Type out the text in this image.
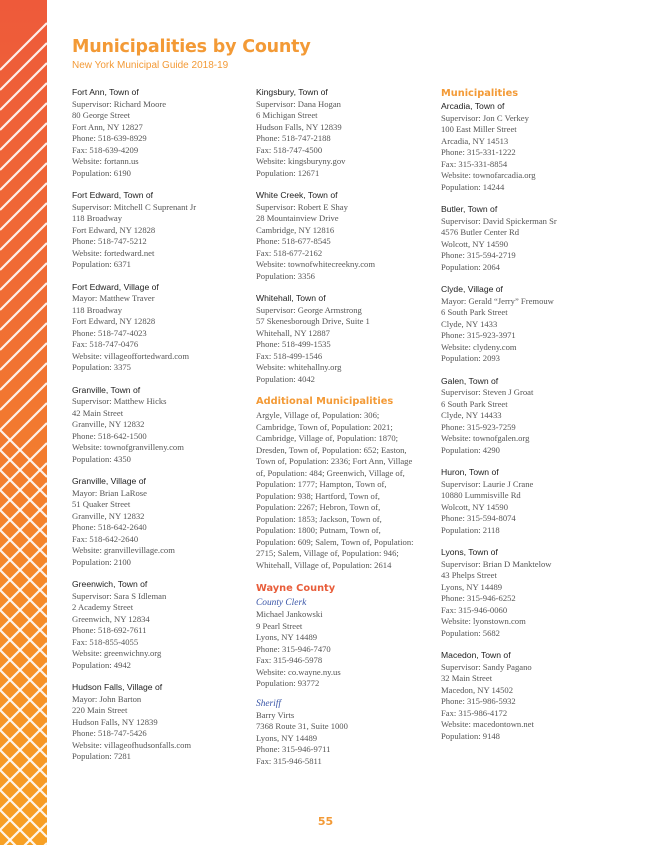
Municipalities by County
New York Municipal Guide 2018-19
Fort Ann, Town of
Supervisor: Richard Moore
80 George Street
Fort Ann, NY 12827
Phone: 518-639-8929
Fax: 518-639-4209
Website: fortann.us
Population: 6190
Fort Edward, Town of
Supervisor: Mitchell C Suprenant Jr
118 Broadway
Fort Edward, NY 12828
Phone: 518-747-5212
Website: fortedward.net
Population: 6371
Fort Edward, Village of
Mayor: Matthew Traver
118 Broadway
Fort Edward, NY 12828
Phone: 518-747-4023
Fax: 518-747-0476
Website: villageoffortedward.com
Population: 3375
Granville, Town of
Supervisor: Matthew Hicks
42 Main Street
Granville, NY 12832
Phone: 518-642-1500
Website: townofgranvilleny.com
Population: 4350
Granville, Village of
Mayor: Brian LaRose
51 Quaker Street
Granville, NY 12832
Phone: 518-642-2640
Fax: 518-642-2640
Website: granvillevillage.com
Population: 2100
Greenwich, Town of
Supervisor: Sara S Idleman
2 Academy Street
Greenwich, NY 12834
Phone: 518-692-7611
Fax: 518-855-4055
Website: greenwichny.org
Population: 4942
Hudson Falls, Village of
Mayor: John Barton
220 Main Street
Hudson Falls, NY 12839
Phone: 518-747-5426
Website: villageofhudsonfalls.com
Population: 7281
Kingsbury, Town of
Supervisor: Dana Hogan
6 Michigan Street
Hudson Falls, NY 12839
Phone: 518-747-2188
Fax: 518-747-4500
Website: kingsburyny.gov
Population: 12671
White Creek, Town of
Supervisor: Robert E Shay
28 Mountainview Drive
Cambridge, NY 12816
Phone: 518-677-8545
Fax: 518-677-2162
Website: townofwhitecreekny.com
Population: 3356
Whitehall, Town of
Supervisor: George Armstrong
57 Skenesborough Drive, Suite 1
Whitehall, NY 12887
Phone: 518-499-1535
Fax: 518-499-1546
Website: whitehallny.org
Population: 4042
Additional Municipalities
Argyle, Village of, Population: 306; Cambridge, Town of, Population: 2021; Cambridge, Village of, Population: 1870; Dresden, Town of, Population: 652; Easton, Town of, Population: 2336; Fort Ann, Village of, Population: 484; Greenwich, Village of, Population: 1777; Hampton, Town of, Population: 938; Hartford, Town of, Population: 2267; Hebron, Town of, Population: 1853; Jackson, Town of, Population: 1800; Putnam, Town of, Population: 609; Salem, Town of, Population: 2715; Salem, Village of, Population: 946; Whitehall, Village of, Population: 2614
Wayne County
County Clerk
Michael Jankowski
9 Pearl Street
Lyons, NY 14489
Phone: 315-946-7470
Fax: 315-946-5978
Website: co.wayne.ny.us
Population: 93772
Sheriff
Barry Virts
7368 Route 31, Suite 1000
Lyons, NY 14489
Phone: 315-946-9711
Fax: 315-946-5811
Municipalities
Arcadia, Town of
Supervisor: Jon C Verkey
100 East Miller Street
Arcadia, NY 14513
Phone: 315-331-1222
Fax: 315-331-8854
Website: townofarcadia.org
Population: 14244
Butler, Town of
Supervisor: David Spickerman Sr
4576 Butler Center Rd
Wolcott, NY 14590
Phone: 315-594-2719
Population: 2064
Clyde, Village of
Mayor: Gerald “Jerry” Fremouw
6 South Park Street
Clyde, NY 1433
Phone: 315-923-3971
Website: clydeny.com
Population: 2093
Galen, Town of
Supervisor: Steven J Groat
6 South Park Street
Clyde, NY 14433
Phone: 315-923-7259
Website: townofgalen.org
Population: 4290
Huron, Town of
Supervisor: Laurie J Crane
10880 Lummisville Rd
Wolcott, NY 14590
Phone: 315-594-8074
Population: 2118
Lyons, Town of
Supervisor: Brian D Manktelow
43 Phelps Street
Lyons, NY 14489
Phone: 315-946-6252
Fax: 315-946-0060
Website: lyonstown.com
Population: 5682
Macedon, Town of
Supervisor: Sandy Pagano
32 Main Street
Macedon, NY 14502
Phone: 315-986-5932
Fax: 315-986-4172
Website: macedontown.net
Population: 9148
55
